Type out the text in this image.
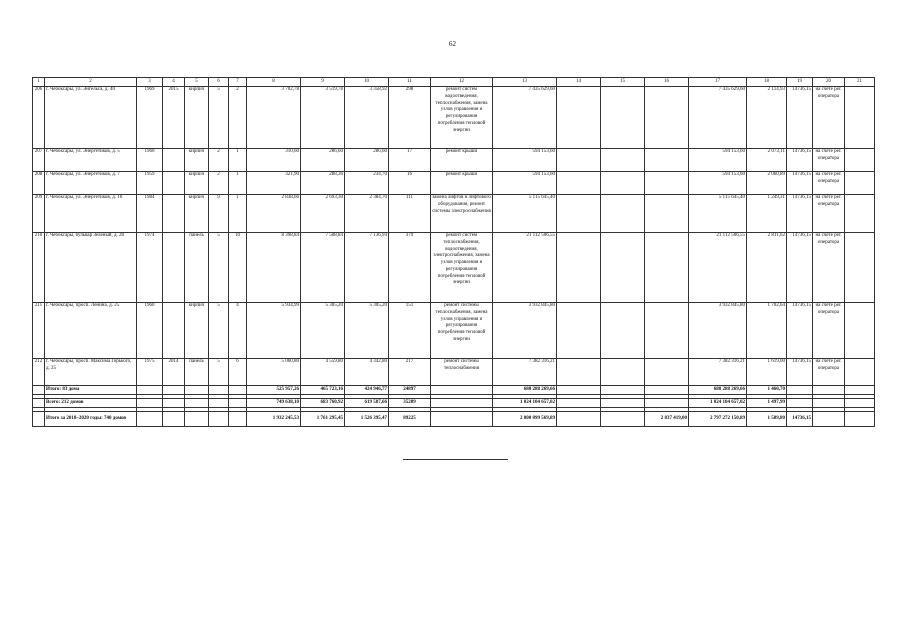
62
1	2	3	4	5	6	7	8	9	10	11	12	13	14	15	16	17	18	19	20	21
206	г. Чебоксары, ул. Энгельса, д. 40	1969	2015	кирпич	5	2	3 702,78	3 519,78	3 358,92	298	ремонт систем водоотведения, теплоснабжения, замена узлов управления и регулирования потребления тепловой энергии	7 435 629,60				7 435 629,60	2 114,93	14736,15	на счете рег. оператора	
207	г. Чебоксары, ул. Энергетиков, д. 5	1960		кирпич	2	1	310,60	286,60	286,60	17	ремонт крыши	594 153,60				594 153,60	2 073,11	14736,15	на счете рег. оператора	
208	г. Чебоксары, ул. Энергетиков, д. 7	1959		кирпич	2	1	321,90	288,36	234,70	16	ремонт крыши	594 153,60				594 153,60	2 060,89	14736,15	на счете рег. оператора	
209	г. Чебоксары, ул. Энергетиков, д. 16	1984		кирпич	9	1	2 838,66	2 693,30	2 384,70	111	замена лифтов и лифтового оборудования, ремонт системы электроснабжения	5 115 645,40				5 115 645,40	1 249,31	14736,15	на счете рег. оператора	
210	г. Чебоксары, бульвар Зеленый, д. 28	1974		панель	5	10	8 398,84	7 508,84	7 136,94	379	ремонт систем теплоснабжения, водоотведения, электроснабжения, замена узлов управления и регулирования потребления тепловой энергии	21 112 506,55				21 112 506,55	2 811,62	14736,15	на счете рег. оператора	
211	г. Чебоксары, просп. Ленина, д. 25	1960		кирпич	5	4	5 934,99	5 305,20	5 305,20	151	ремонт системы теплоснабжения, замена узлов управления и регулирования потребления тепловой энергии	3 932 845,80				3 932 845,80	1 702,64	14736,15	на счете рег. оператора	
212	г. Чебоксары, просп. Максима Горького, д. 25	1975	2014	панель	5	6	5 060,80	4 559,80	4 342,80	217	ремонт системы теплоснабжения	7 382 316,21				7 382 316,21	1 619,00	14736,15	на счете рег. оператора	
	Итого: 83 дома						525 957,26	465 723,16	424 946,77	24897		680 288 269,66				680 288 269,66	1 460,70			

	Всего: 212 домов						749 638,10	683 760,92	619 587,66	35289		1 024 104 657,02				1 024 104 657,02	1 497,99			

	Итого за 2018–2020 годы: 740 домов						1 932 245,53	1 761 295,45	1 526 395,47	89225		2 800 099 569,89			2 837 419,00	2 797 272 150,89	1 589,80	14736,15		
